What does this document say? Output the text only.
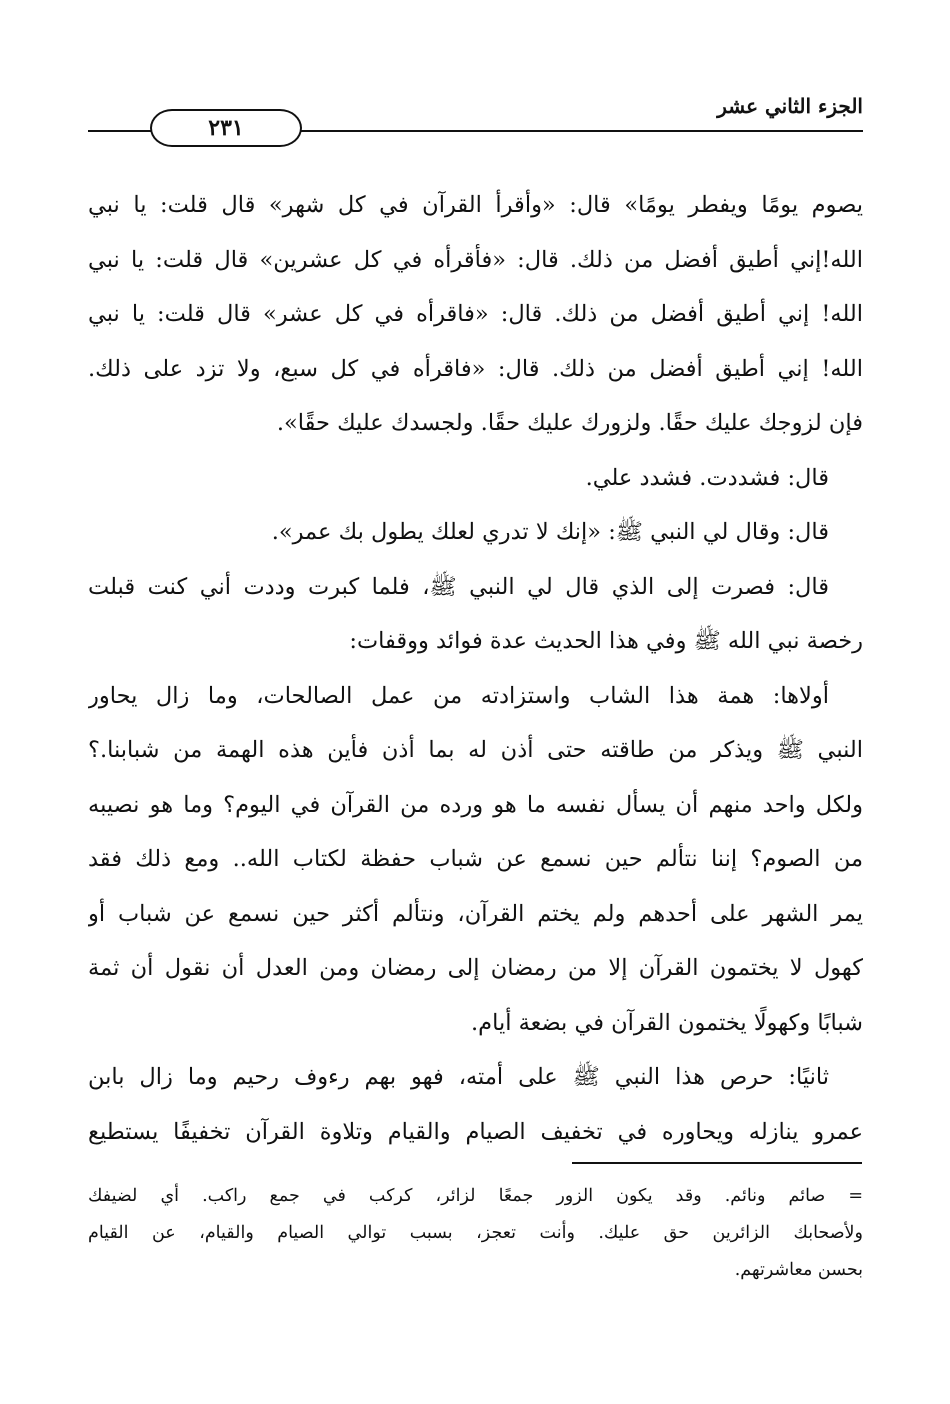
الجزء الثاني عشر
٢٣١
يصوم يومًا ويفطر يومًا» قال: «وأقرأ القرآن في كل شهر» قال قلت: يا نبي
الله!إني أطيق أفضل من ذلك. قال: «فأقرأه في كل عشرين» قال قلت: يا نبي
الله! إني أطيق أفضل من ذلك. قال: «فاقرأه في كل عشر» قال قلت: يا نبي
الله! إني أطيق أفضل من ذلك. قال: «فاقرأه في كل سبع، ولا تزد على ذلك.
فإن لزوجك عليك حقًا. ولزورك عليك حقًا. ولجسدك عليك حقًا».
قال: فشددت. فشدد علي.
قال: وقال لي النبي ﷺ: «إنك لا تدري لعلك يطول بك عمر».
قال: فصرت إلى الذي قال لي النبي ﷺ، فلما كبرت وددت أني كنت قبلت
رخصة نبي الله ﷺ وفي هذا الحديث عدة فوائد ووقفات:
أولاها: همة هذا الشاب واستزادته من عمل الصالحات، وما زال يحاور
النبي ﷺ ويذكر من طاقته حتى أذن له بما أذن فأين هذه الهمة من شبابنا.؟
ولكل واحد منهم أن يسأل نفسه ما هو ورده من القرآن في اليوم؟ وما هو نصيبه
من الصوم؟ إننا نتألم حين نسمع عن شباب حفظة لكتاب الله.. ومع ذلك فقد
يمر الشهر على أحدهم ولم يختم القرآن، ونتألم أكثر حين نسمع عن شباب أو
كهول لا يختمون القرآن إلا من رمضان إلى رمضان ومن العدل أن نقول أن ثمة
شبابًا وكهولًا يختمون القرآن في بضعة أيام.
ثانيًا: حرص هذا النبي ﷺ على أمته، فهو بهم رءوف رحيم وما زال بابن
عمرو ينازله ويحاوره في تخفيف الصيام والقيام وتلاوة القرآن تخفيفًا يستطيع
= صائم ونائم. وقد يكون الزور جمعًا لزائر، كركب في جمع راكب. أي لضيفك
ولأصحابك الزائرين حق عليك. وأنت تعجز، بسبب توالي الصيام والقيام، عن القيام
بحسن معاشرتهم.
